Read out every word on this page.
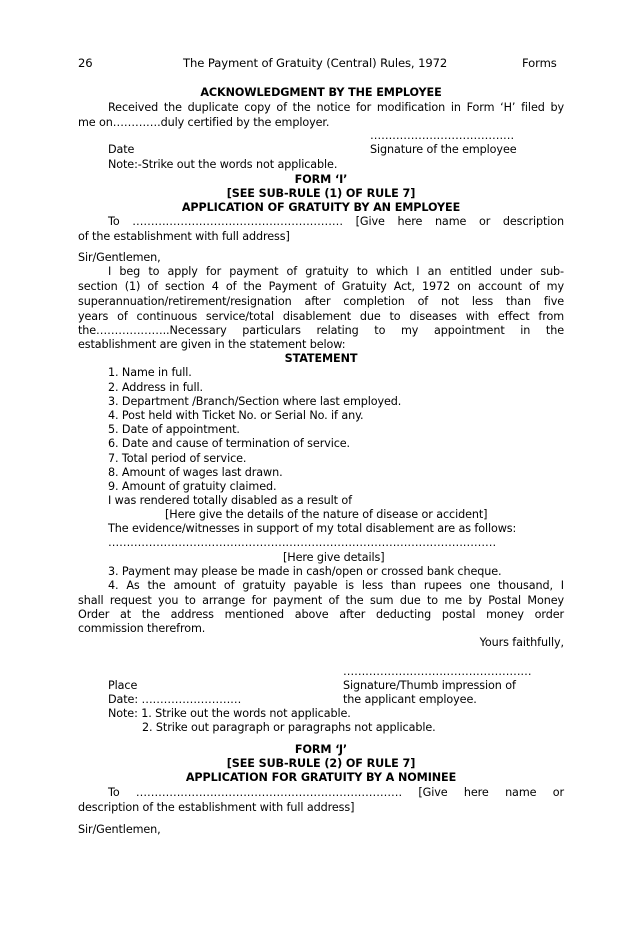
26	The Payment of Gratuity (Central) Rules, 1972	Forms
ACKNOWLEDGMENT BY THE EMPLOYEE
Received the duplicate copy of the notice for modification in Form ‘H’ filed by
me on………….duly certified by the employer.
…………………………………
Date	Signature of the employee
Note:-Strike out the words not applicable.
FORM ‘I’
[SEE SUB-RULE (1) OF RULE 7]
APPLICATION OF GRATUITY BY AN EMPLOYEE
To ………………………………………………… [Give here name or description
of the establishment with full address]
Sir/Gentlemen,
I beg to apply for payment of gratuity to which I an entitled under sub-
section (1) of section 4 of the Payment of Gratuity Act, 1972 on account of my
superannuation/retirement/resignation after completion of not less than five
years of continuous service/total disablement due to diseases with effect from
the………………..Necessary particulars relating to my appointment in the
establishment are given in the statement below:
STATEMENT
1. Name in full.
2. Address in full.
3. Department /Branch/Section where last employed.
4. Post held with Ticket No. or Serial No. if any.
5. Date of appointment.
6. Date and cause of termination of service.
7. Total period of service.
8. Amount of wages last drawn.
9. Amount of gratuity claimed.
I was rendered totally disabled as a result of
[Here give the details of the nature of disease or accident]
The evidence/witnesses in support of my total disablement are as follows:
……………………………………………………………………………………………
[Here give details]
3. Payment may please be made in cash/open or crossed bank cheque.
4. As the amount of gratuity payable is less than rupees one thousand, I
shall request you to arrange for payment of the sum due to me by Postal Money
Order at the address mentioned above after deducting postal money order
commission therefrom.
Yours faithfully,
……………………………………………
Place	Signature/Thumb impression of
Date: ………………………	the applicant employee.
Note: 1. Strike out the words not applicable.
2. Strike out paragraph or paragraphs not applicable.
FORM ‘J’
[SEE SUB-RULE (2) OF RULE 7]
APPLICATION FOR GRATUITY BY A NOMINEE
To ……………………………………………………………… [Give here name or
description of the establishment with full address]
Sir/Gentlemen,
